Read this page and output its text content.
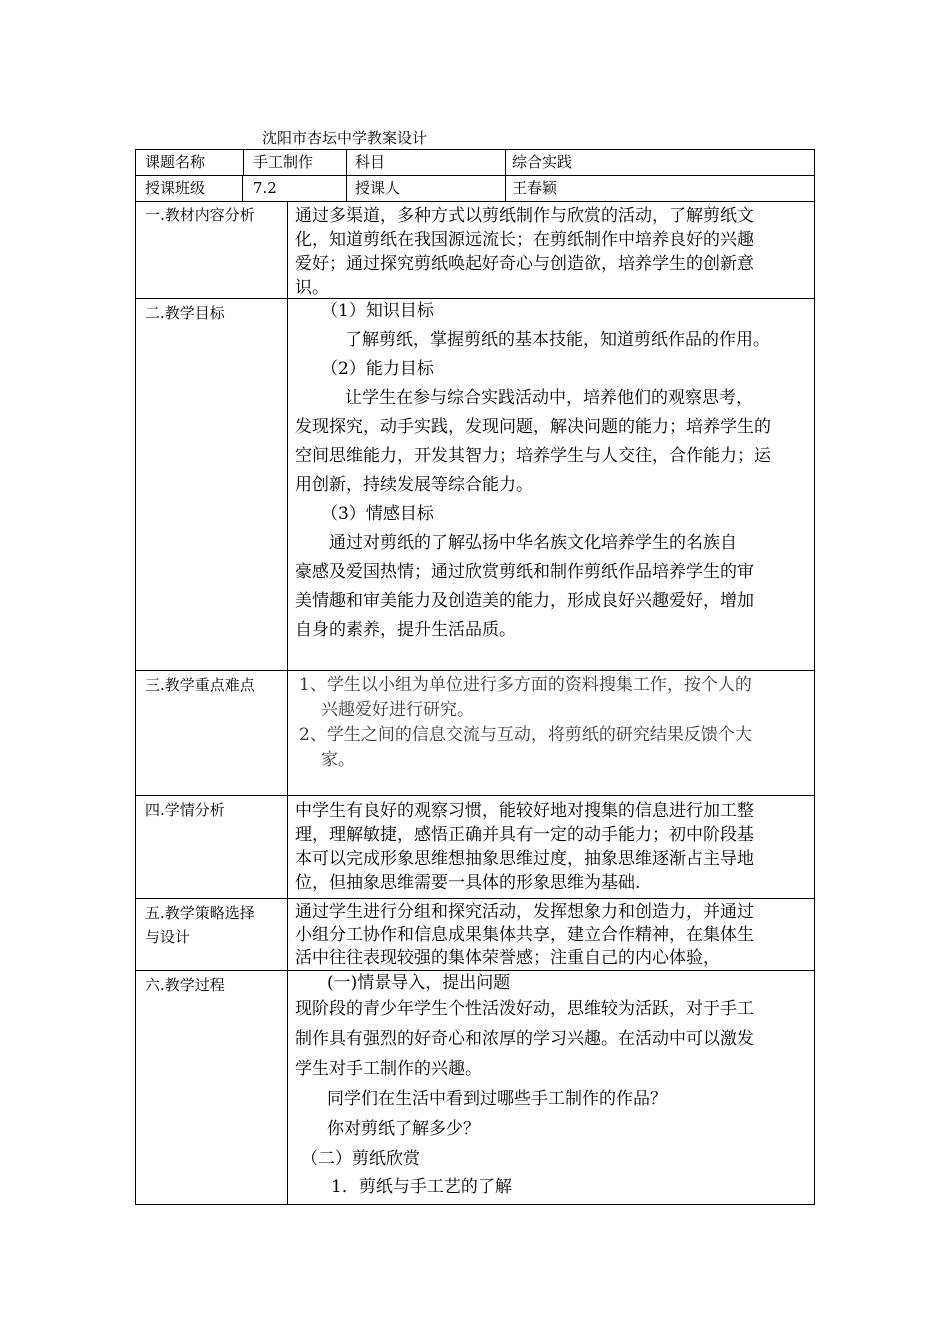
沈阳市杏坛中学教案设计
课题名称	手工制作	科目	综合实践
授课班级	7.2	授课人	王春颖
一.教材内容分析 通过多渠道，多种方式以剪纸制作与欣赏的活动，了解剪纸文
化，知道剪纸在我国源远流长；在剪纸制作中培养良好的兴趣
爱好；通过探究剪纸唤起好奇心与创造欲，培养学生的创新意
识。
二.教学目标	（1）知识目标
了解剪纸，掌握剪纸的基本技能，知道剪纸作品的作用。
（2）能力目标
让学生在参与综合实践活动中，培养他们的观察思考，
发现探究，动手实践，发现问题，解决问题的能力；培养学生的
空间思维能力，开发其智力；培养学生与人交往，合作能力；运
用创新，持续发展等综合能力。
（3）情感目标
通过对剪纸的了解弘扬中华名族文化培养学生的名族自
豪感及爱国热情；通过欣赏剪纸和制作剪纸作品培养学生的审
美情趣和审美能力及创造美的能力，形成良好兴趣爱好，增加
自身的素养，提升生活品质。
三.教学重点难点	1、学生以小组为单位进行多方面的资料搜集工作，按个人的
兴趣爱好进行研究。
2、学生之间的信息交流与互动，将剪纸的研究结果反馈个大
家。
四.学情分析	中学生有良好的观察习惯，能较好地对搜集的信息进行加工整
理，理解敏捷，感悟正确并具有一定的动手能力；初中阶段基
本可以完成形象思维想抽象思维过度，抽象思维逐渐占主导地
位，但抽象思维需要一具体的形象思维为基础.
五.教学策略选择
与设计
通过学生进行分组和探究活动，发挥想象力和创造力，并通过
小组分工协作和信息成果集体共享，建立合作精神，在集体生
活中往往表现较强的集体荣誉感；注重自己的内心体验，
六.教学过程	(一)情景导入，提出问题
现阶段的青少年学生个性活泼好动，思维较为活跃，对于手工
制作具有强烈的好奇心和浓厚的学习兴趣。在活动中可以激发
学生对手工制作的兴趣。
同学们在生活中看到过哪些手工制作的作品？
你对剪纸了解多少？
（二）剪纸欣赏
1．剪纸与手工艺的了解
